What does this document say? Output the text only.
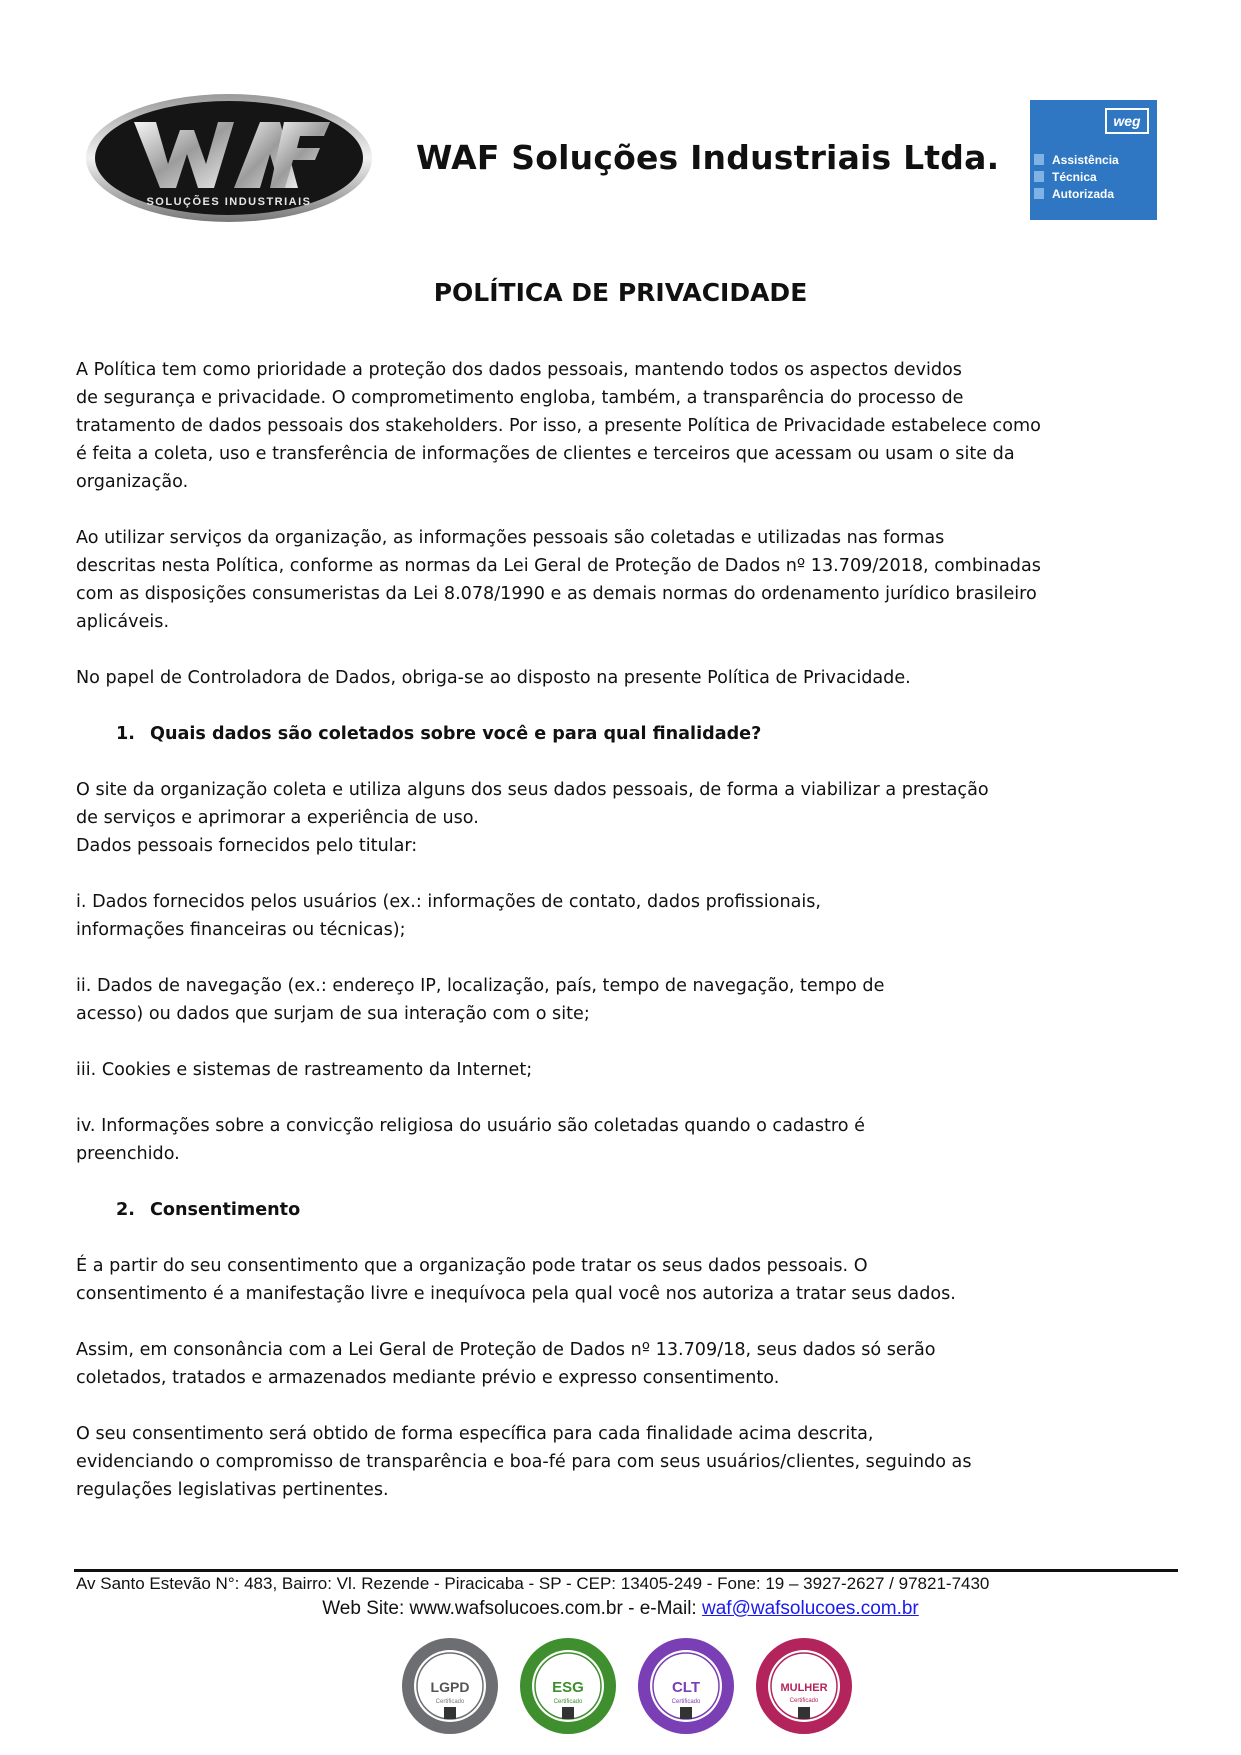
SOLUÇÕES INDUSTRIAIS
WAF Soluções Industriais Ltda.
weg
Assistência
Técnica
Autorizada
POLÍTICA DE PRIVACIDADE

A Política tem como prioridade a proteção dos dados pessoais, mantendo todos os aspectos devidos
de segurança e privacidade. O comprometimento engloba, também, a transparência do processo de
tratamento de dados pessoais dos stakeholders. Por isso, a presente Política de Privacidade estabelece como
é feita a coleta, uso e transferência de informações de clientes e terceiros que acessam ou usam o site da
organização.

Ao utilizar serviços da organização, as informações pessoais são coletadas e utilizadas nas formas
descritas nesta Política, conforme as normas da Lei Geral de Proteção de Dados nº 13.709/2018, combinadas
com as disposições consumeristas da Lei 8.078/1990 e as demais normas do ordenamento jurídico brasileiro
aplicáveis.

No papel de Controladora de Dados, obriga-se ao disposto na presente Política de Privacidade.

1. Quais dados são coletados sobre você e para qual finalidade?

O site da organização coleta e utiliza alguns dos seus dados pessoais, de forma a viabilizar a prestação
de serviços e aprimorar a experiência de uso.
Dados pessoais fornecidos pelo titular:

i. Dados fornecidos pelos usuários (ex.: informações de contato, dados profissionais,
informações financeiras ou técnicas);

ii. Dados de navegação (ex.: endereço IP, localização, país, tempo de navegação, tempo de
acesso) ou dados que surjam de sua interação com o site;

iii. Cookies e sistemas de rastreamento da Internet;

iv. Informações sobre a convicção religiosa do usuário são coletadas quando o cadastro é
preenchido.

2. Consentimento

É a partir do seu consentimento que a organização pode tratar os seus dados pessoais. O
consentimento é a manifestação livre e inequívoca pela qual você nos autoriza a tratar seus dados.

Assim, em consonância com a Lei Geral de Proteção de Dados nº 13.709/18, seus dados só serão
coletados, tratados e armazenados mediante prévio e expresso consentimento.

O seu consentimento será obtido de forma específica para cada finalidade acima descrita,
evidenciando o compromisso de transparência e boa-fé para com seus usuários/clientes, seguindo as
regulações legislativas pertinentes.

Av Santo Estevão N°: 483, Bairro: Vl. Rezende - Piracicaba - SP - CEP: 13405-249 - Fone: 19 – 3927-2627 / 97821-7430
Web Site: www.wafsolucoes.com.br - e-Mail: waf@wafsolucoes.com.br
LGPD
Certificado
ESG
Certificado
CLT
Certificado
MULHER
Certificado
